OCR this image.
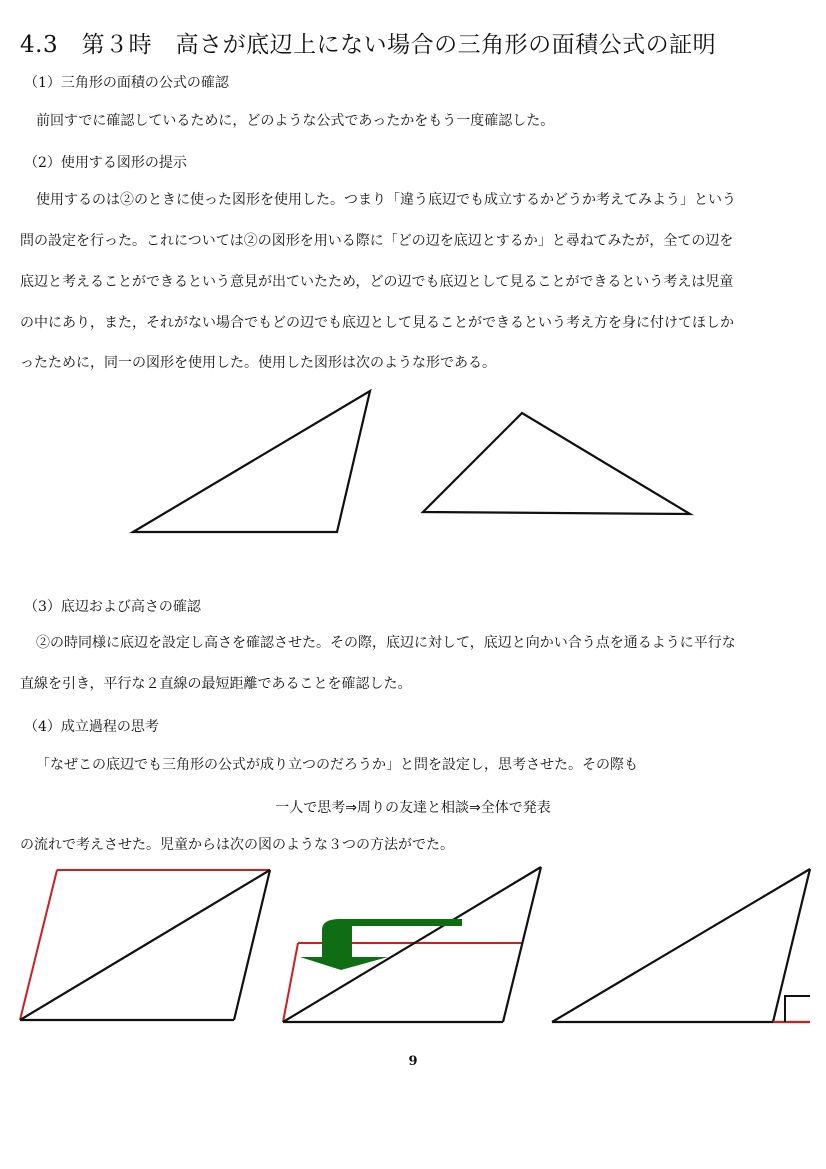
4.3　第３時　高さが底辺上にない場合の三角形の面積公式の証明
（1）三角形の面積の公式の確認
前回すでに確認しているために，どのような公式であったかをもう一度確認した。
（2）使用する図形の提示
使用するのは②のときに使った図形を使用した。つまり「違う底辺でも成立するかどうか考えてみよう」という
問の設定を行った。これについては②の図形を用いる際に「どの辺を底辺とするか」と尋ねてみたが，全ての辺を
底辺と考えることができるという意見が出ていたため，どの辺でも底辺として見ることができるという考えは児童
の中にあり，また，それがない場合でもどの辺でも底辺として見ることができるという考え方を身に付けてほしか
ったために，同一の図形を使用した。使用した図形は次のような形である。
（3）底辺および高さの確認
②の時同様に底辺を設定し高さを確認させた。その際，底辺に対して，底辺と向かい合う点を通るように平行な
直線を引き，平行な２直線の最短距離であることを確認した。
（4）成立過程の思考
「なぜこの底辺でも三角形の公式が成り立つのだろうか」と問を設定し，思考させた。その際も
一人で思考⇒周りの友達と相談⇒全体で発表
の流れで考えさせた。児童からは次の図のような３つの方法がでた。
9
